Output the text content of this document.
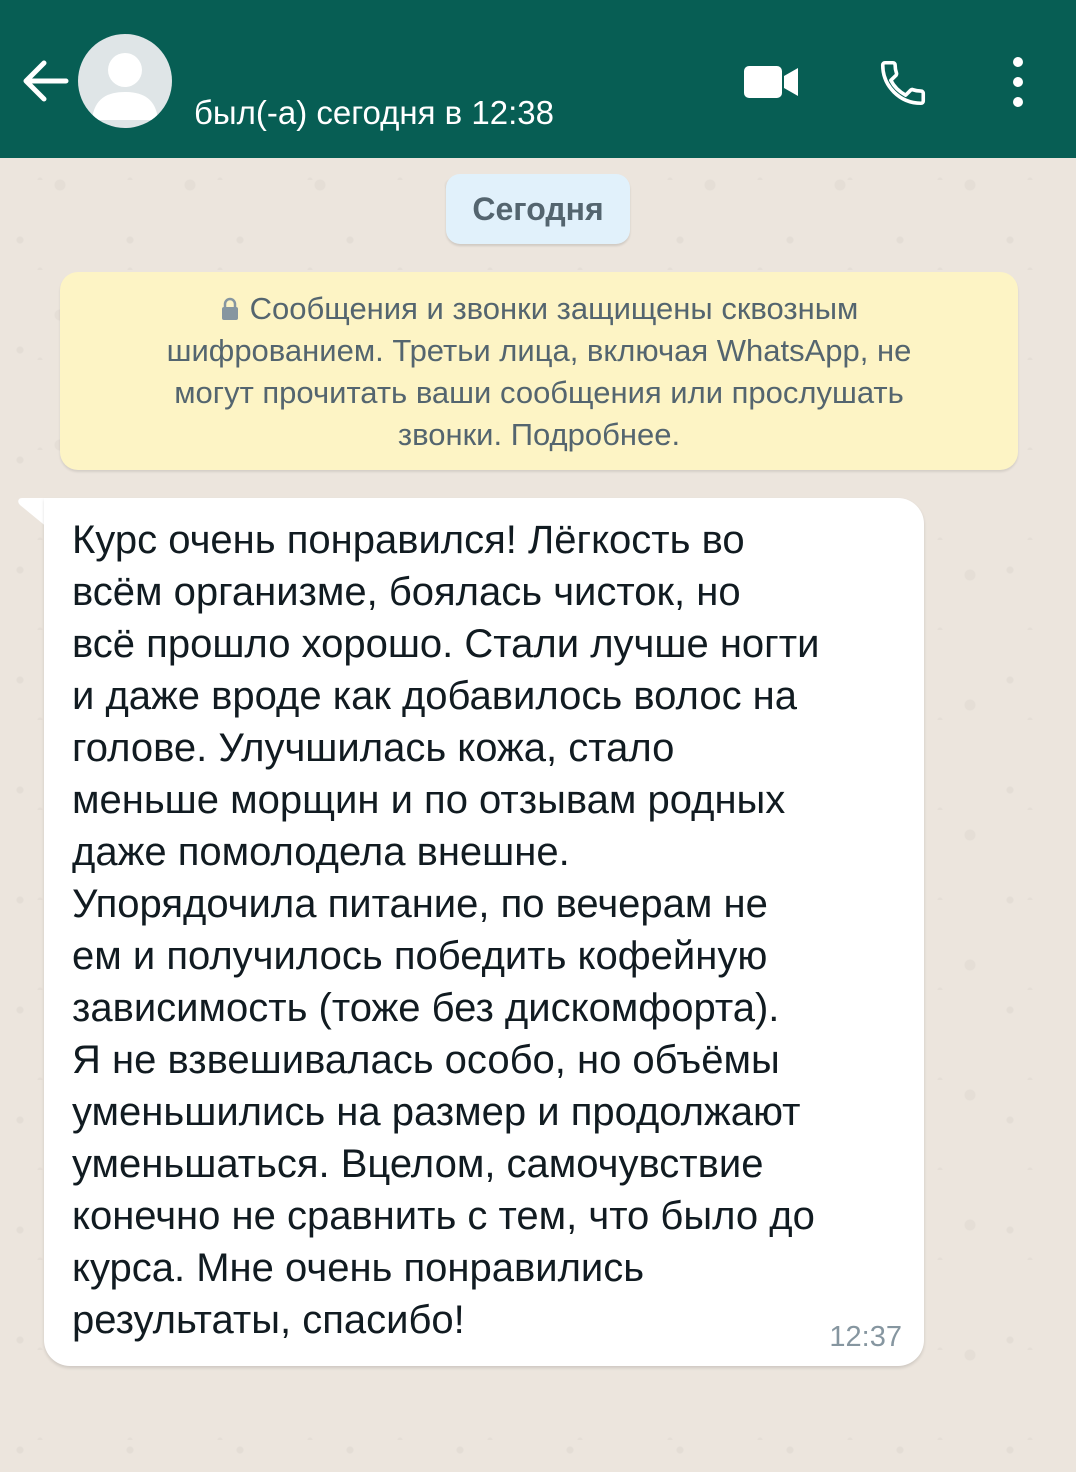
был(-а) сегодня в 12:38
Сегодня
Сообщения и звонки защищены сквозным
шифрованием. Третьи лица, включая WhatsApp, не
могут прочитать ваши сообщения или прослушать
звонки. Подробнее.
Курс очень понравился! Лёгкость во
всём организме, боялась чисток, но
всё прошло хорошо. Стали лучше ногти
и даже вроде как добавилось волос на
голове. Улучшилась кожа, стало
меньше морщин и по отзывам родных
даже помолодела внешне.
Упорядочила питание, по вечерам не
ем и получилось победить кофейную
зависимость (тоже без дискомфорта).
Я не взвешивалась особо, но объёмы
уменьшились на размер и продолжают
уменьшаться. Вцелом, самочувствие
конечно не сравнить с тем, что было до
курса. Мне очень понравились
результаты, спасибо!	12:37
